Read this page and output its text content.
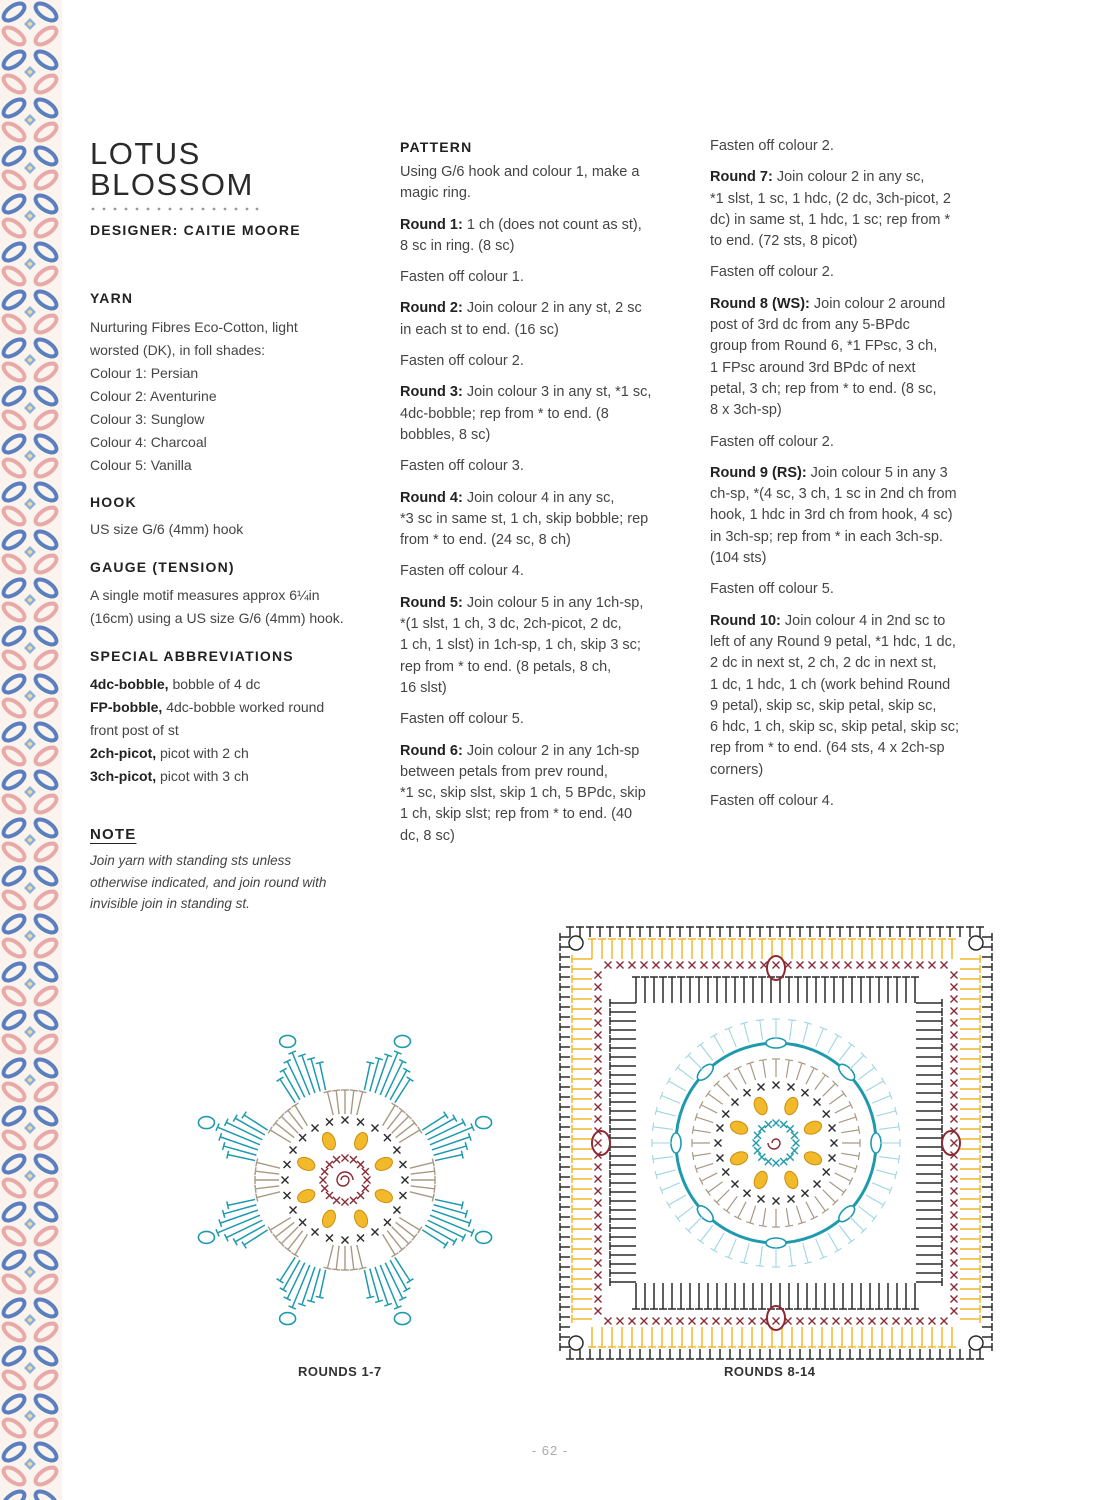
LOTUS
BLOSSOM
DESIGNER: CAITIE MOORE
YARN
Nurturing Fibres Eco-Cotton, light
worsted (DK), in foll shades:
Colour 1: Persian
Colour 2: Aventurine
Colour 3: Sunglow
Colour 4: Charcoal
Colour 5: Vanilla
HOOK
US size G/6 (4mm) hook
GAUGE (TENSION)
A single motif measures approx 6¼in
(16cm) using a US size G/6 (4mm) hook.
SPECIAL ABBREVIATIONS
4dc-bobble, bobble of 4 dc
FP-bobble, 4dc-bobble worked round
front post of st
2ch-picot, picot with 2 ch
3ch-picot, picot with 3 ch
NOTE
Join yarn with standing sts unless
otherwise indicated, and join round with
invisible join in standing st.
PATTERN
Using G/6 hook and colour 1, make a
magic ring.
Round 1: 1 ch (does not count as st),
8 sc in ring. (8 sc)
Fasten off colour 1.
Round 2: Join colour 2 in any st, 2 sc
in each st to end. (16 sc)
Fasten off colour 2.
Round 3: Join colour 3 in any st, *1 sc,
4dc-bobble; rep from * to end. (8
bobbles, 8 sc)
Fasten off colour 3.
Round 4: Join colour 4 in any sc,
*3 sc in same st, 1 ch, skip bobble; rep
from * to end. (24 sc, 8 ch)
Fasten off colour 4.
Round 5: Join colour 5 in any 1ch-sp,
*(1 slst, 1 ch, 3 dc, 2ch-picot, 2 dc,
1 ch, 1 slst) in 1ch-sp, 1 ch, skip 3 sc;
rep from * to end. (8 petals, 8 ch,
16 slst)
Fasten off colour 5.
Round 6: Join colour 2 in any 1ch-sp
between petals from prev round,
*1 sc, skip slst, skip 1 ch, 5 BPdc, skip
1 ch, skip slst; rep from * to end. (40
dc, 8 sc)
Fasten off colour 2.
Round 7: Join colour 2 in any sc,
*1 slst, 1 sc, 1 hdc, (2 dc, 3ch-picot, 2
dc) in same st, 1 hdc, 1 sc; rep from *
to end. (72 sts, 8 picot)
Fasten off colour 2.
Round 8 (WS): Join colour 2 around
post of 3rd dc from any 5-BPdc
group from Round 6, *1 FPsc, 3 ch,
1 FPsc around 3rd BPdc of next
petal, 3 ch; rep from * to end. (8 sc,
8 x 3ch-sp)
Fasten off colour 2.
Round 9 (RS): Join colour 5 in any 3
ch-sp, *(4 sc, 3 ch, 1 sc in 2nd ch from
hook, 1 hdc in 3rd ch from hook, 4 sc)
in 3ch-sp; rep from * in each 3ch-sp.
(104 sts)
Fasten off colour 5.
Round 10: Join colour 4 in 2nd sc to
left of any Round 9 petal, *1 hdc, 1 dc,
2 dc in next st, 2 ch, 2 dc in next st,
1 dc, 1 hdc, 1 ch (work behind Round
9 petal), skip sc, skip petal, skip sc,
6 hdc, 1 ch, skip sc, skip petal, skip sc;
rep from * to end. (64 sts, 4 x 2ch-sp
corners)
Fasten off colour 4.
ROUNDS 1-7	ROUNDS 8-14
- 62 -
